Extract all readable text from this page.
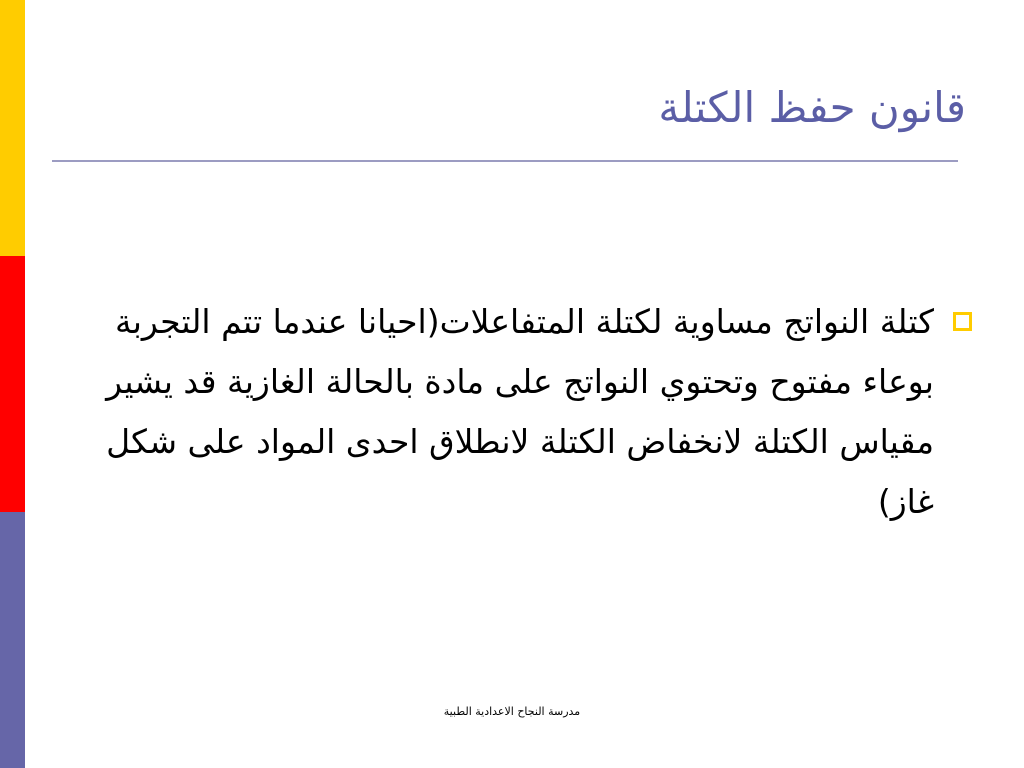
قانون حفظ الكتلة

كتلة النواتج مساوية لكتلة المتفاعلات(احيانا عندما تتم التجربة بوعاء مفتوح وتحتوي النواتج على مادة بالحالة الغازية قد يشير مقياس الكتلة لانخفاض الكتلة لانطلاق احدى المواد على شكل غاز)

مدرسة النجاح الاعدادية الطبية
